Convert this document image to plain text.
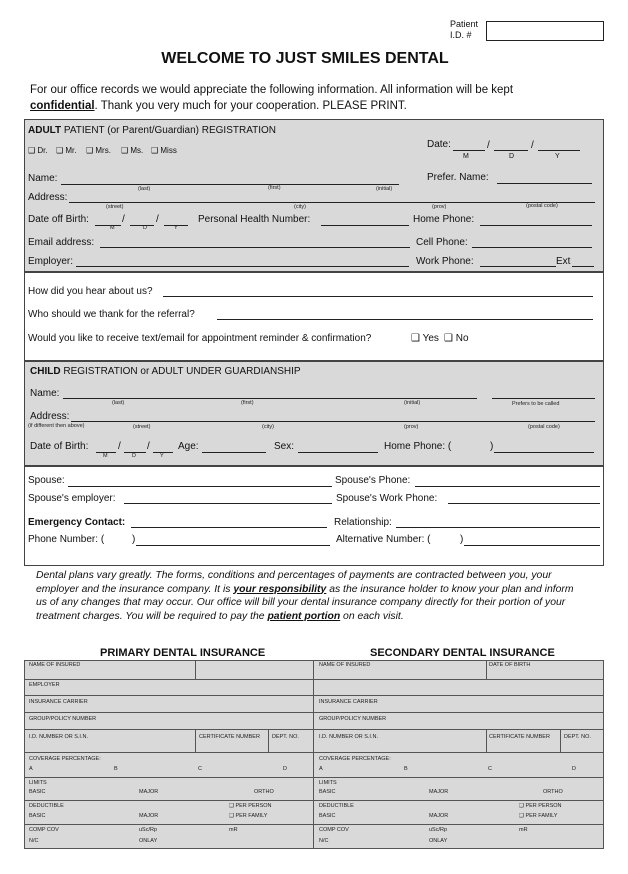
Patient
I.D. #
WELCOME TO JUST SMILES DENTAL
For our office records we would appreciate the following information. All information will be kept
confidential. Thank you very much for your cooperation. PLEASE PRINT.
ADULT PATIENT (or Parent/Guardian) REGISTRATION
❑ Dr. ❑ Mr. ❑ Mrs. ❑ Ms. ❑ Miss
Date:	/	/
M	D	Y
Name:
(last)	(first)	(initial)
Prefer. Name:
Address:
(street)	(city)	(prov)	(postal code)
Date off Birth:	/	/
M	D	Y
Personal Health Number:	Home Phone:
Email address:	Cell Phone:
Employer:	Work Phone:	Ext
How did you hear about us?
Who should we thank for the referral?
Would you like to receive text/email for appointment reminder & confirmation?	❑ Yes ❑ No
CHILD REGISTRATION or ADULT UNDER GUARDIANSHIP
Name:
(last)	(first)	(initial)	Prefers to be called
Address:
(if different then above)	(street)	(city)	(prov)	(postal code)
Date of Birth:	/	/
M	D	Y
Age:	Sex:	Home Phone: (	)
Spouse:	Spouse's Phone:
Spouse's employer:	Spouse's Work Phone:
Emergency Contact:	Relationship:
Phone Number: (	)	Alternative Number: (	)
Dental plans vary greatly. The forms, conditions and percentages of payments are contracted between you, your
employer and the insurance company. It is your responsibility as the insurance holder to know your plan and inform
us of any changes that may occur. Our office will bill your dental insurance company directly for their portion of your
treatment charges. You will be required to pay the patient portion on each visit.
PRIMARY DENTAL INSURANCE	SECONDARY DENTAL INSURANCE
NAME OF INSURED
EMPLOYER
INSURANCE CARRIER
GROUP/POLICY NUMBER
I.D. NUMBER OR S.I.N.	CERTIFICATE NUMBER DEPT. NO.
COVERAGE PERCENTAGE:
A	B	C	D
LIMITS
BASIC	MAJOR	ORTHO
DEDUCTIBLE	❑ PER PERSON
BASIC	MAJOR	❑ PER FAMILY
COMP COV	uSc/Rp	mR
N/C	ONLAY
NAME OF INSURED	DATE OF BIRTH
INSURANCE CARRIER
GROUP/POLICY NUMBER
I.D. NUMBER OR S.I.N.	CERTIFICATE NUMBER	DEPT. NO.
COVERAGE PERCENTAGE:
A	B	C	D
LIMITS
BASIC	MAJOR	ORTHO
DEDUCTIBLE	❑ PER PERSON
BASIC	MAJOR	❑ PER FAMILY
COMP COV	uSc/Rp	mR
N/C	ONLAY
